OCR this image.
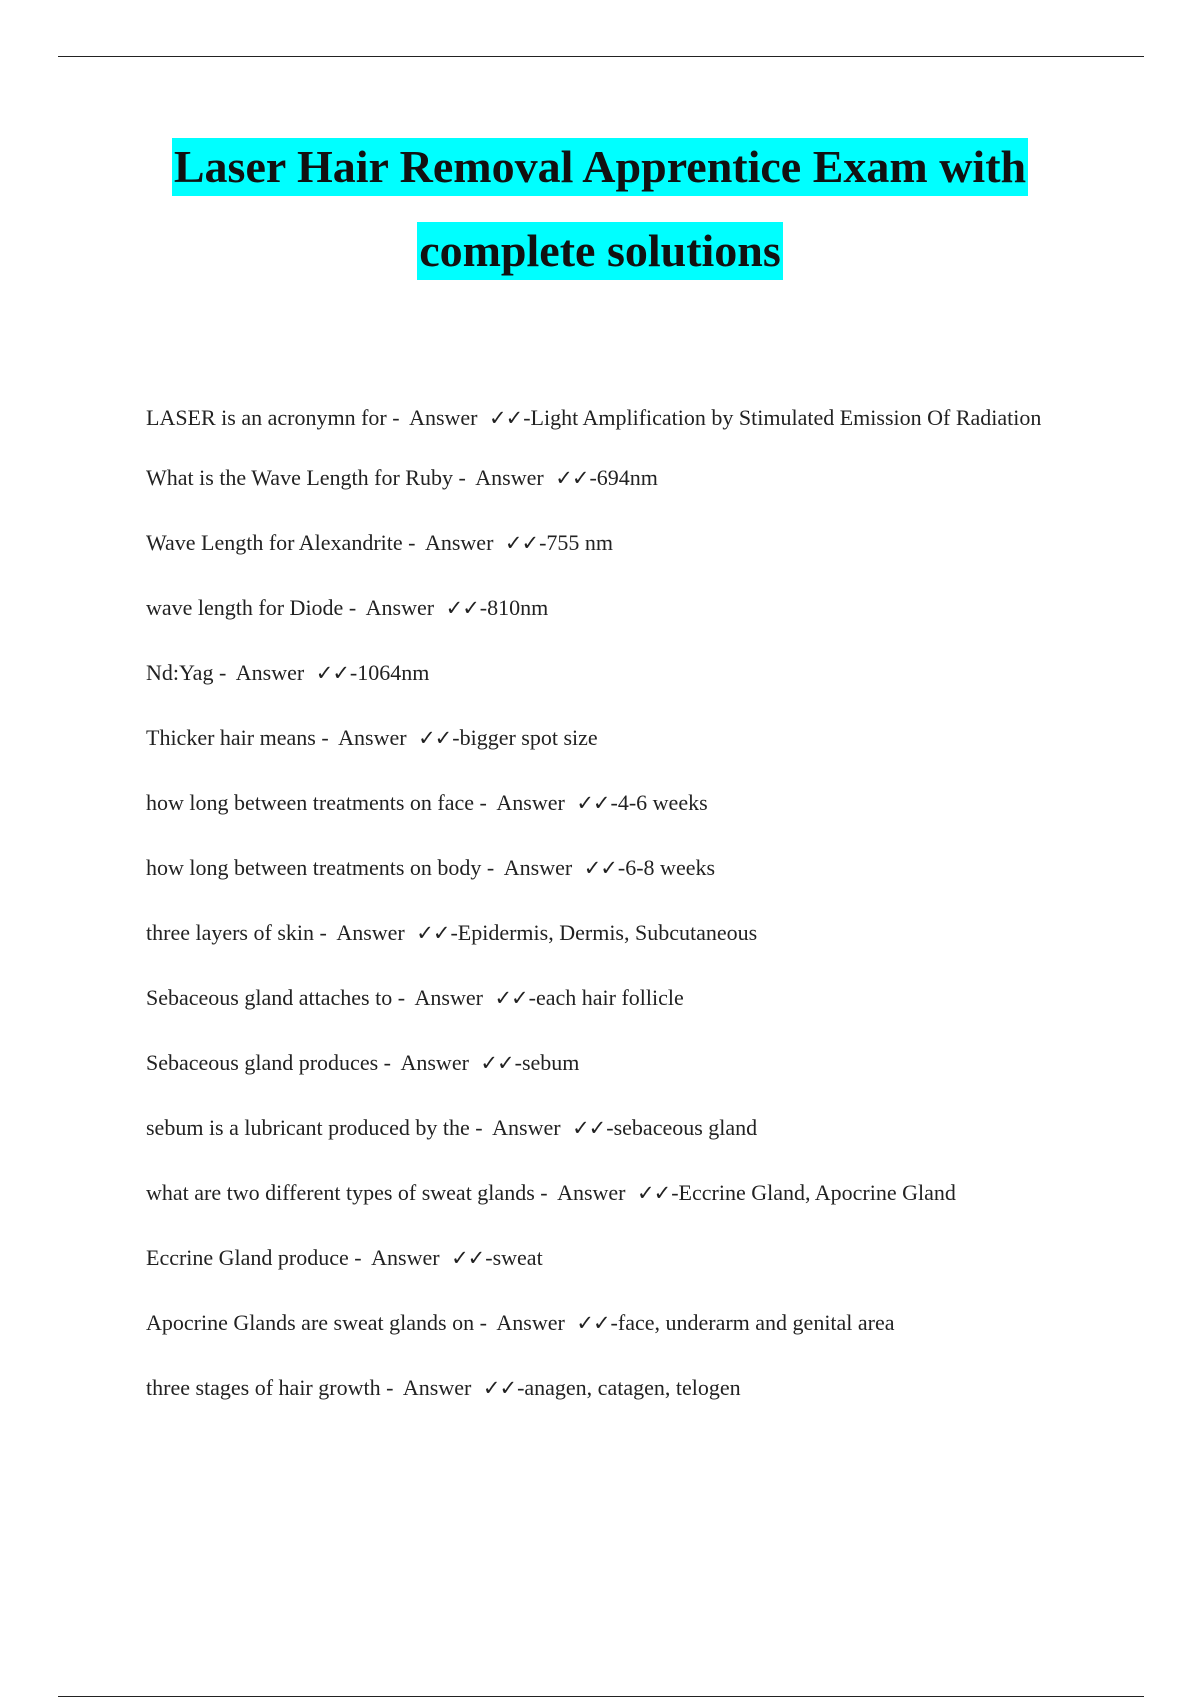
Laser Hair Removal Apprentice Exam with
complete solutions
LASER is an acronymn for - Answer ✓✓-Light Amplification by Stimulated Emission Of Radiation
What is the Wave Length for Ruby - Answer ✓✓-694nm
Wave Length for Alexandrite - Answer ✓✓-755 nm
wave length for Diode - Answer ✓✓-810nm
Nd:Yag - Answer ✓✓-1064nm
Thicker hair means - Answer ✓✓-bigger spot size
how long between treatments on face - Answer ✓✓-4-6 weeks
how long between treatments on body - Answer ✓✓-6-8 weeks
three layers of skin - Answer ✓✓-Epidermis, Dermis, Subcutaneous
Sebaceous gland attaches to - Answer ✓✓-each hair follicle
Sebaceous gland produces - Answer ✓✓-sebum
sebum is a lubricant produced by the - Answer ✓✓-sebaceous gland
what are two different types of sweat glands - Answer ✓✓-Eccrine Gland, Apocrine Gland
Eccrine Gland produce - Answer ✓✓-sweat
Apocrine Glands are sweat glands on - Answer ✓✓-face, underarm and genital area
three stages of hair growth - Answer ✓✓-anagen, catagen, telogen
